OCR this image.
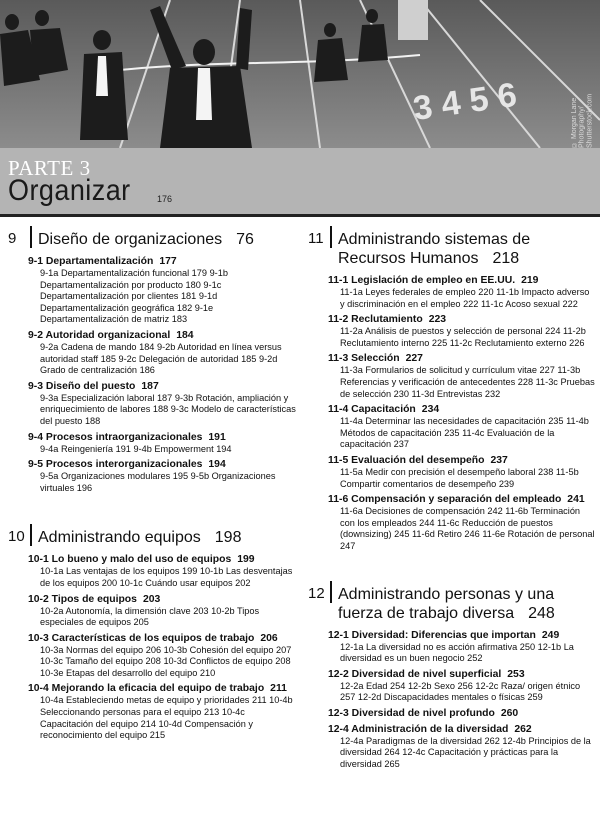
3 4 5 6	© Morgan Lane Photography/ Shutterstock.com
PARTE 3
Organizar	176
9	Diseño de organizaciones 76
9-1 Departamentalización 177
9-1a Departamentalización funcional 179 9-1b Departamentalización por producto 180 9-1c Departamentalización por clientes 181 9-1d Departamentalización geográfica 182 9-1e Departamentalización de matriz 183
9-2 Autoridad organizacional 184
9-2a Cadena de mando 184 9-2b Autoridad en línea versus autoridad staff 185 9-2c Delegación de autoridad 185 9-2d Grado de centralización 186
9-3 Diseño del puesto 187
9-3a Especialización laboral 187 9-3b Rotación, ampliación y enriquecimiento de labores 188 9-3c Modelo de características del puesto 188
9-4 Procesos intraorganizacionales 191
9-4a Reingeniería 191 9-4b Empowerment 194
9-5 Procesos interorganizacionales 194
9-5a Organizaciones modulares 195 9-5b Organizaciones virtuales 196
10 Administrando equipos 198
10-1 Lo bueno y malo del uso de equipos 199
10-1a Las ventajas de los equipos 199 10-1b Las desventajas de los equipos 200 10-1c Cuándo usar equipos 202
10-2 Tipos de equipos 203
10-2a Autonomía, la dimensión clave 203 10-2b Tipos especiales de equipos 205
10-3 Características de los equipos de trabajo 206
10-3a Normas del equipo 206 10-3b Cohesión del equipo 207 10-3c Tamaño del equipo 208 10-3d Conflictos de equipo 208 10-3e Etapas del desarrollo del equipo 210
10-4 Mejorando la eficacia del equipo de trabajo 211
10-4a Estableciendo metas de equipo y prioridades 211 10-4b Seleccionando personas para el equipo 213 10-4c Capacitación del equipo 214 10-4d Compensación y reconocimiento del equipo 215
11 Administrando sistemas de
Recursos Humanos 218
11-1 Legislación de empleo en EE.UU. 219
11-1a Leyes federales de empleo 220 11-1b Impacto adverso y discriminación en el empleo 222 11-1c Acoso sexual 222
11-2 Reclutamiento 223
11-2a Análisis de puestos y selección de personal 224 11-2b Reclutamiento interno 225 11-2c Reclutamiento externo 226
11-3 Selección 227
11-3a Formularios de solicitud y currículum vitae 227 11-3b Referencias y verificación de antecedentes 228 11-3c Pruebas de selección 230 11-3d Entrevistas 232
11-4 Capacitación 234
11-4a Determinar las necesidades de capacitación 235 11-4b Métodos de capacitación 235 11-4c Evaluación de la capacitación 237
11-5 Evaluación del desempeño 237
11-5a Medir con precisión el desempeño laboral 238 11-5b Compartir comentarios de desempeño 239
11-6 Compensación y separación del empleado 241
11-6a Decisiones de compensación 242 11-6b Terminación con los empleados 244 11-6c Reducción de puestos (downsizing) 245 11-6d Retiro 246 11-6e Rotación de personal 247
12 Administrando personas y una
fuerza de trabajo diversa 248
12-1 Diversidad: Diferencias que importan 249
12-1a La diversidad no es acción afirmativa 250 12-1b La diversidad es un buen negocio 252
12-2 Diversidad de nivel superficial 253
12-2a Edad 254 12-2b Sexo 256 12-2c Raza/ origen étnico 257 12-2d Discapacidades mentales o físicas 259
12-3 Diversidad de nivel profundo 260
12-4 Administración de la diversidad 262
12-4a Paradigmas de la diversidad 262 12-4b Principios de la diversidad 264 12-4c Capacitación y prácticas para la diversidad 265
